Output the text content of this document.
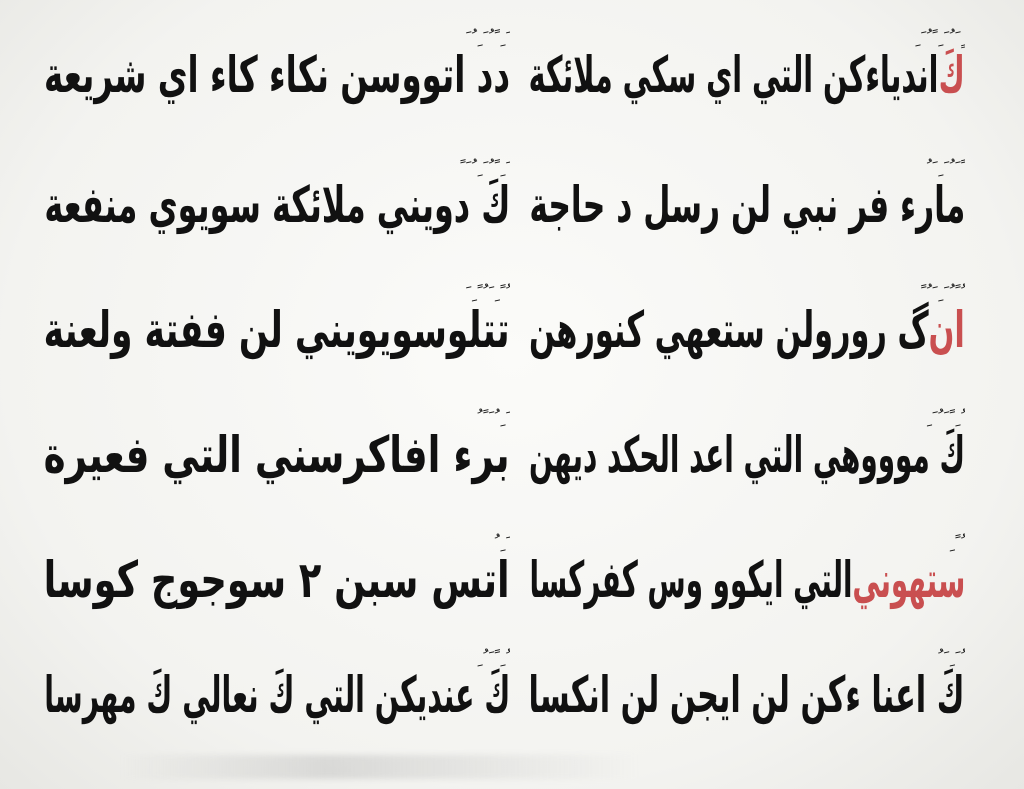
ً ٍ َ ُ َ ِ ً ُ َ ِ
كَ
اندياءكن التي اي سكي ملائكة
َ ً َ ُ َ ِ َ ُ
مارء فر نبي لن رسل د حاجة
َ ُ ً ُ َ ِ َ ُ ً
ان
گ رورولن ستعهي كنورهن
َ ُ ِ ً َ ُ َ ِ
كَ موووهي التي اعد الحكد ديهن
َ ُ ً ِ
ستهوني
التي ايكوو وس كفركسا
َ ُ َ ِ َ ُ
كَ اعنا ءكن لن ايجن لن انكسا
ُ َ ِ ً ُ َ ِ ُ َ
دد اتووسن نكاء كاء اي شريعة
ُ َ ِ ً ُ َ ِ ُ َ ً
كَ دويني ملائكة سويوي منفعة
َ ُ ً ِ َ ُ ً ِ َ
تتلوسويويني لن ففتة ولعنة
ُ َ ِ ُ َ ً ُ
برء افاكرسني التي فعيرة
ُ َ ِ ُ
اتس سبن ٢ سوجوج كوسا
َ ُ ِ ً َ ُ ِ
كَ عنديكن التي كَ نعالي كَ مهرسا
